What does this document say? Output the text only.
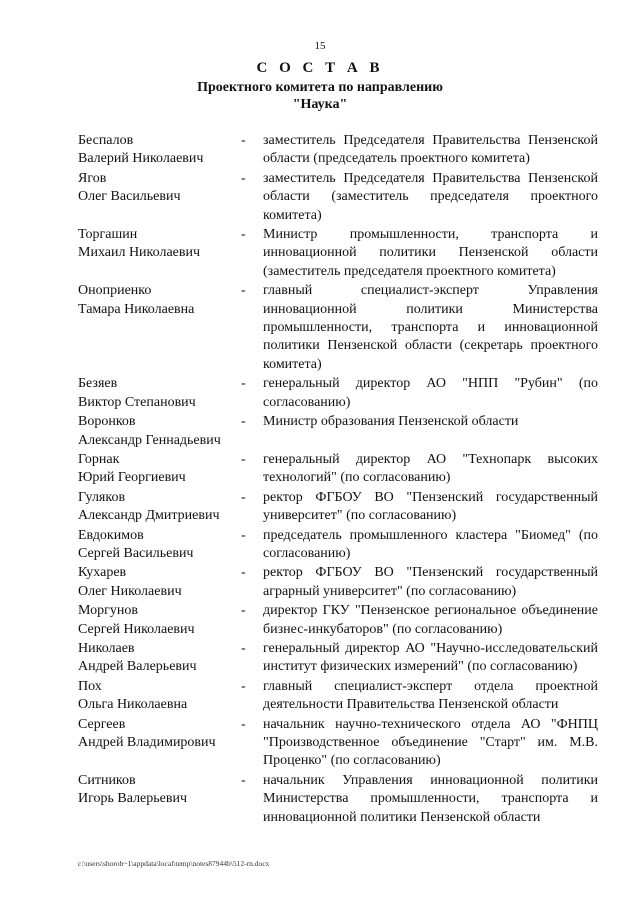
15
С О С Т А В
Проектного комитета по направлению
"Наука"
Беспалов
Валерий Николаевич
-	заместитель Председателя Правительства Пензенской области (председатель проектного комитета)
Ягов
Олег Васильевич
-	заместитель Председателя Правительства Пензенской области (заместитель председателя проектного комитета)
Торгашин
Михаил Николаевич
-	Министр промышленности, транспорта и инновационной политики Пензенской области (заместитель председателя проектного комитета)
Оноприенко
Тамара Николаевна
-	главный специалист-эксперт Управления инновационной политики Министерства промышленности, транспорта и инновационной политики Пензенской области (секретарь проектного комитета)
Безяев
Виктор Степанович
-	генеральный директор АО "НПП "Рубин" (по согласованию)
Воронков
Александр Геннадьевич
-	Министр образования Пензенской области
Горнак
Юрий Георгиевич
-	генеральный директор АО "Технопарк высоких технологий" (по согласованию)
Гуляков
Александр Дмитриевич
-	ректор ФГБОУ ВО "Пензенский государственный университет" (по согласованию)
Евдокимов
Сергей Васильевич
-	председатель промышленного кластера "Биомед" (по согласованию)
Кухарев
Олег Николаевич
-	ректор ФГБОУ ВО "Пензенский государственный аграрный университет" (по согласованию)
Моргунов
Сергей Николаевич
-	директор ГКУ "Пензенское региональное объединение бизнес-инкубаторов" (по согласованию)
Николаев
Андрей Валерьевич
-	генеральный директор АО "Научно-исследовательский институт физических измерений" (по согласованию)
Пох
Ольга Николаевна
-	главный специалист-эксперт отдела проектной деятельности Правительства Пензенской области
Сергеев
Андрей Владимирович
-	начальник научно-технического отдела АО "ФНПЦ "Производственное объединение "Старт" им. М.В. Проценко" (по согласованию)
Ситников
Игорь Валерьевич
-	начальник Управления инновационной политики Министерства промышленности, транспорта и инновационной политики Пензенской области
c:\users\shorob~1\appdata\local\temp\notes87944b\512-rn.docx
